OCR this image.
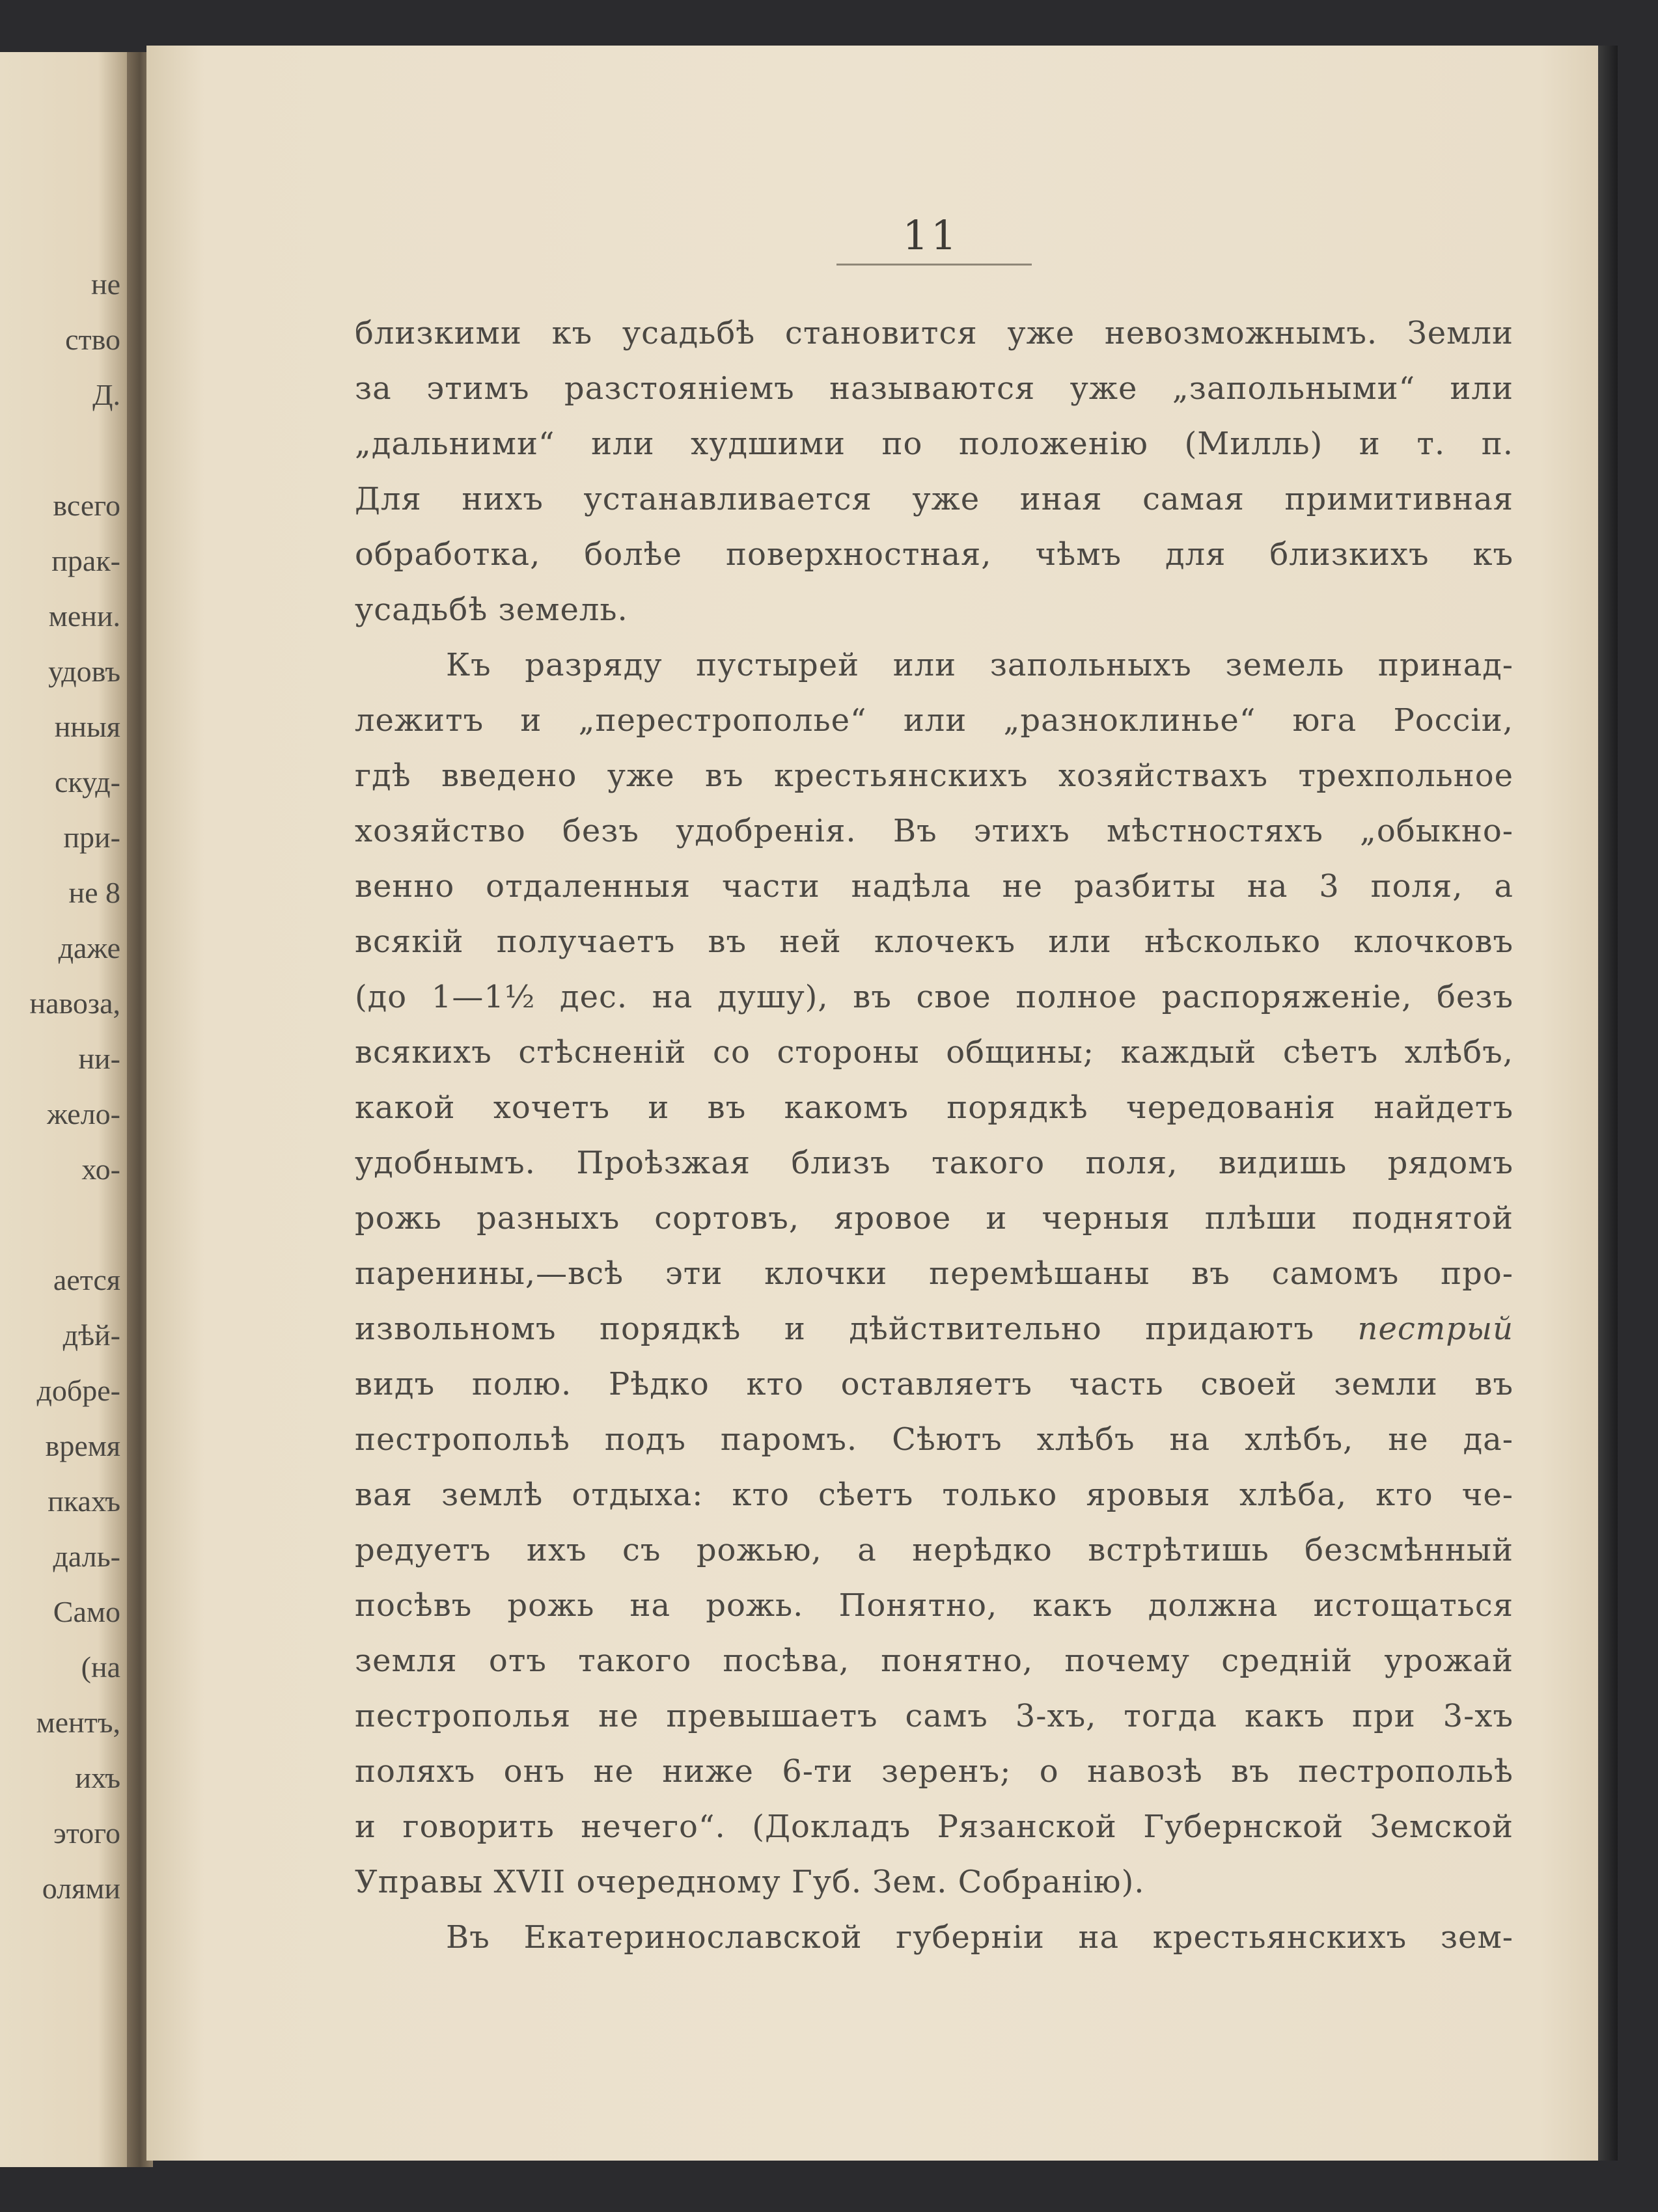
не
ство
Д.
всего
прак-
мени.
удовъ
нныя
скуд-
при-
не 8
даже
навоза,
ни-
жело-
хо-
ается
дѣй-
добре-
время
пкахъ
даль-
Само
(на
ментъ,
ихъ
этого
олями
11
близкими къ усадьбѣ становится уже невозможнымъ. Земли
за этимъ разстояніемъ называются уже „запольными“ или
„дальними“ или худшими по положенію (Милль) и т. п.
Для нихъ устанавливается уже иная самая примитивная
обработка, болѣе поверхностная, чѣмъ для близкихъ къ
усадьбѣ земель.
Къ разряду пустырей или запольныхъ земель принад-
лежитъ и „перестрополье“ или „разноклинье“ юга Россіи,
гдѣ введено уже въ крестьянскихъ хозяйствахъ трехпольное
хозяйство безъ удобренія. Въ этихъ мѣстностяхъ „обыкно-
венно отдаленныя части надѣла не разбиты на 3 поля, а
всякій получаетъ въ ней клочекъ или нѣсколько клочковъ
(до 1—1½ дес. на душу), въ свое полное распоряженіе, безъ
всякихъ стѣсненій со стороны общины; каждый сѣетъ хлѣбъ,
какой хочетъ и въ какомъ порядкѣ чередованія найдетъ
удобнымъ. Проѣзжая близъ такого поля, видишь рядомъ
рожь разныхъ сортовъ, яровое и черныя плѣши поднятой
паренины,—всѣ эти клочки перемѣшаны въ самомъ про-
извольномъ порядкѣ и дѣйствительно придаютъ пестрый
видъ полю. Рѣдко кто оставляетъ часть своей земли въ
пестропольѣ подъ паромъ. Сѣютъ хлѣбъ на хлѣбъ, не да-
вая землѣ отдыха: кто сѣетъ только яровыя хлѣба, кто че-
редуетъ ихъ съ рожью, а нерѣдко встрѣтишь безсмѣнный
посѣвъ рожь на рожь. Понятно, какъ должна истощаться
земля отъ такого посѣва, понятно, почему средній урожай
пестрополья не превышаетъ самъ 3-хъ, тогда какъ при 3-хъ
поляхъ онъ не ниже 6-ти зеренъ; о навозѣ въ пестропольѣ
и говорить нечего“. (Докладъ Рязанской Губернской Земской
Управы XVII очередному Губ. Зем. Собранію).
Въ Екатеринославской губерніи на крестьянскихъ зем-
